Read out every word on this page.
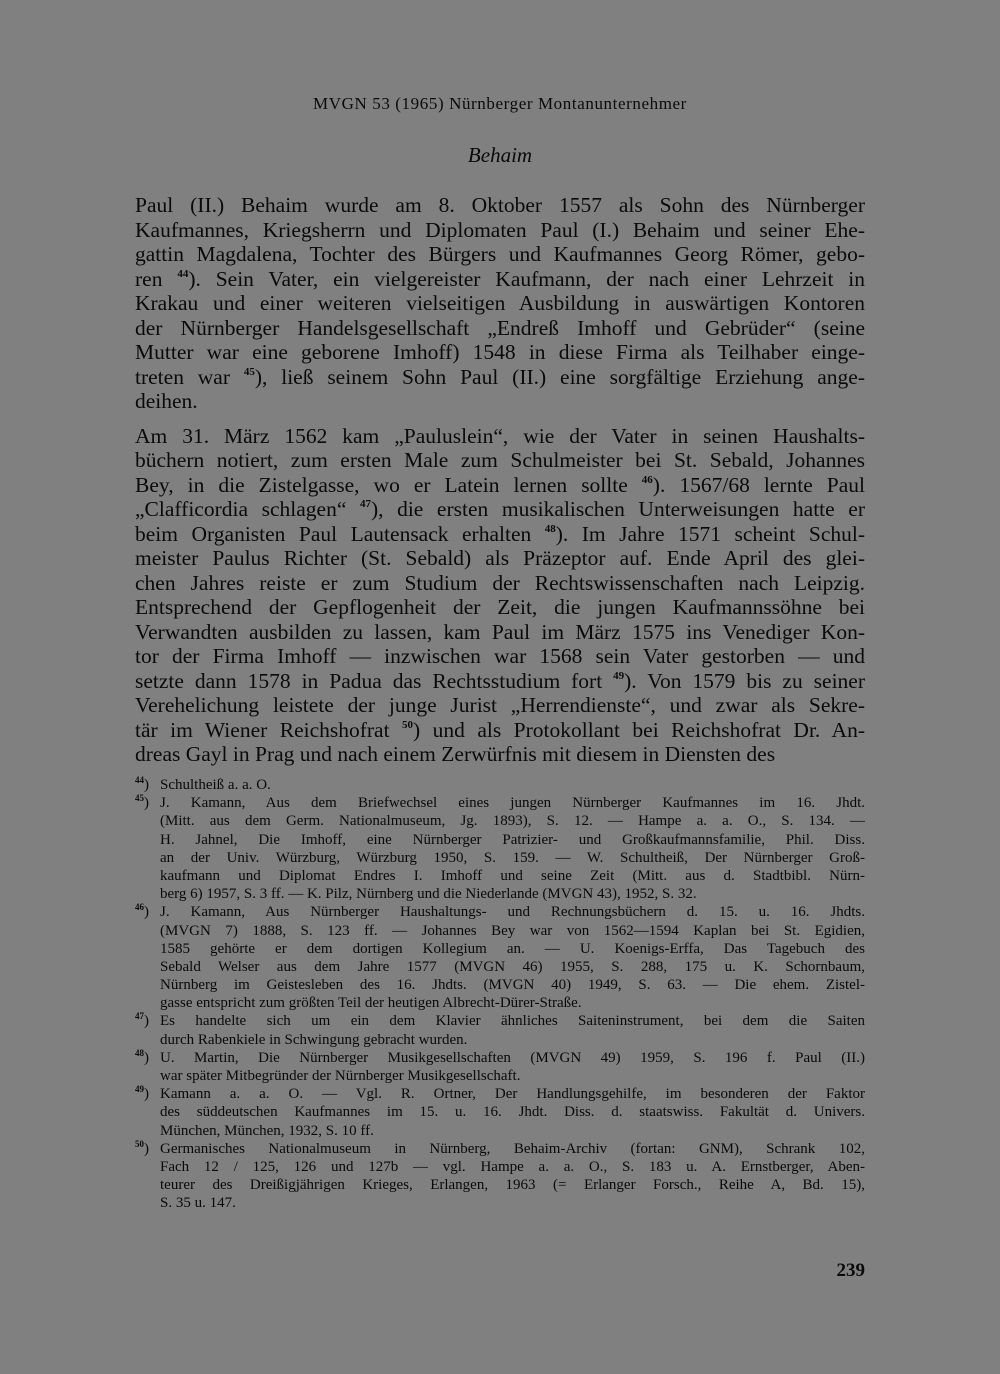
MVGN 53 (1965) Nürnberger Montanunternehmer
Behaim
Paul (II.) Behaim wurde am 8. Oktober 1557 als Sohn des Nürnberger
Kaufmannes, Kriegsherrn und Diplomaten Paul (I.) Behaim und seiner Ehe-
gattin Magdalena, Tochter des Bürgers und Kaufmannes Georg Römer, gebo-
ren $^{44}$). Sein Vater, ein vielgereister Kaufmann, der nach einer Lehrzeit in
Krakau und einer weiteren vielseitigen Ausbildung in auswärtigen Kontoren
der Nürnberger Handelsgesellschaft „Endreß Imhoff und Gebrüder“ (seine
Mutter war eine geborene Imhoff) 1548 in diese Firma als Teilhaber einge-
treten war $^{45}$), ließ seinem Sohn Paul (II.) eine sorgfältige Erziehung ange-
deihen.
Am 31. März 1562 kam „Pauluslein“, wie der Vater in seinen Haushalts-
büchern notiert, zum ersten Male zum Schulmeister bei St. Sebald, Johannes
Bey, in die Zistelgasse, wo er Latein lernen sollte $^{46}$). 1567/68 lernte Paul
„Clafficordia schlagen“ $^{47}$), die ersten musikalischen Unterweisungen hatte er
beim Organisten Paul Lautensack erhalten $^{48}$). Im Jahre 1571 scheint Schul-
meister Paulus Richter (St. Sebald) als Präzeptor auf. Ende April des glei-
chen Jahres reiste er zum Studium der Rechtswissenschaften nach Leipzig.
Entsprechend der Gepflogenheit der Zeit, die jungen Kaufmannssöhne bei
Verwandten ausbilden zu lassen, kam Paul im März 1575 ins Venediger Kon-
tor der Firma Imhoff — inzwischen war 1568 sein Vater gestorben — und
setzte dann 1578 in Padua das Rechtsstudium fort $^{49}$). Von 1579 bis zu seiner
Verehelichung leistete der junge Jurist „Herrendienste“, und zwar als Sekre-
tär im Wiener Reichshofrat $^{50}$) und als Protokollant bei Reichshofrat Dr. An-
dreas Gayl in Prag und nach einem Zerwürfnis mit diesem in Diensten des
$^{44}$) Schultheiß a. a. O.
$^{45}$) J. Kamann, Aus dem Briefwechsel eines jungen Nürnberger Kaufmannes im 16. Jhdt.
(Mitt. aus dem Germ. Nationalmuseum, Jg. 1893), S. 12. — Hampe a. a. O., S. 134. —
H. Jahnel, Die Imhoff, eine Nürnberger Patrizier- und Großkaufmannsfamilie, Phil. Diss.
an der Univ. Würzburg, Würzburg 1950, S. 159. — W. Schultheiß, Der Nürnberger Groß-
kaufmann und Diplomat Endres I. Imhoff und seine Zeit (Mitt. aus d. Stadtbibl. Nürn-
berg 6) 1957, S. 3 ff. — K. Pilz, Nürnberg und die Niederlande (MVGN 43), 1952, S. 32.
$^{46}$) J. Kamann, Aus Nürnberger Haushaltungs- und Rechnungsbüchern d. 15. u. 16. Jhdts.
(MVGN 7) 1888, S. 123 ff. — Johannes Bey war von 1562—1594 Kaplan bei St. Egidien,
1585 gehörte er dem dortigen Kollegium an. — U. Koenigs-Erffa, Das Tagebuch des
Sebald Welser aus dem Jahre 1577 (MVGN 46) 1955, S. 288, 175 u. K. Schornbaum,
Nürnberg im Geistesleben des 16. Jhdts. (MVGN 40) 1949, S. 63. — Die ehem. Zistel-
gasse entspricht zum größten Teil der heutigen Albrecht-Dürer-Straße.
$^{47}$) Es handelte sich um ein dem Klavier ähnliches Saiteninstrument, bei dem die Saiten
durch Rabenkiele in Schwingung gebracht wurden.
$^{48}$) U. Martin, Die Nürnberger Musikgesellschaften (MVGN 49) 1959, S. 196 f. Paul (II.)
war später Mitbegründer der Nürnberger Musikgesellschaft.
$^{49}$) Kamann a. a. O. — Vgl. R. Ortner, Der Handlungsgehilfe, im besonderen der Faktor
des süddeutschen Kaufmannes im 15. u. 16. Jhdt. Diss. d. staatswiss. Fakultät d. Univers.
München, München, 1932, S. 10 ff.
$^{50}$) Germanisches Nationalmuseum in Nürnberg, Behaim-Archiv (fortan: GNM), Schrank 102,
Fach 12 / 125, 126 und 127b — vgl. Hampe a. a. O., S. 183 u. A. Ernstberger, Aben-
teurer des Dreißigjährigen Krieges, Erlangen, 1963 (= Erlanger Forsch., Reihe A, Bd. 15),
S. 35 u. 147.
239
